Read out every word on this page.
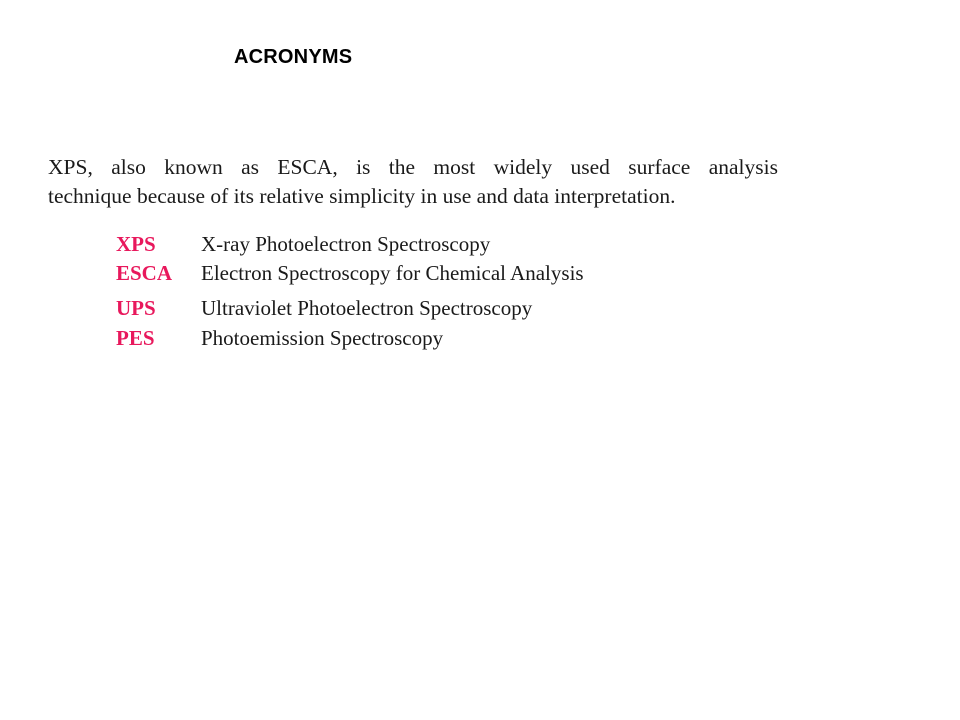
ACRONYMS
XPS, also known as ESCA, is the most widely used surface analysis
technique because of its relative simplicity in use and data interpretation.
XPS	X-ray Photoelectron Spectroscopy
ESCA	Electron Spectroscopy for Chemical Analysis
UPS	Ultraviolet Photoelectron Spectroscopy
PES	Photoemission Spectroscopy
